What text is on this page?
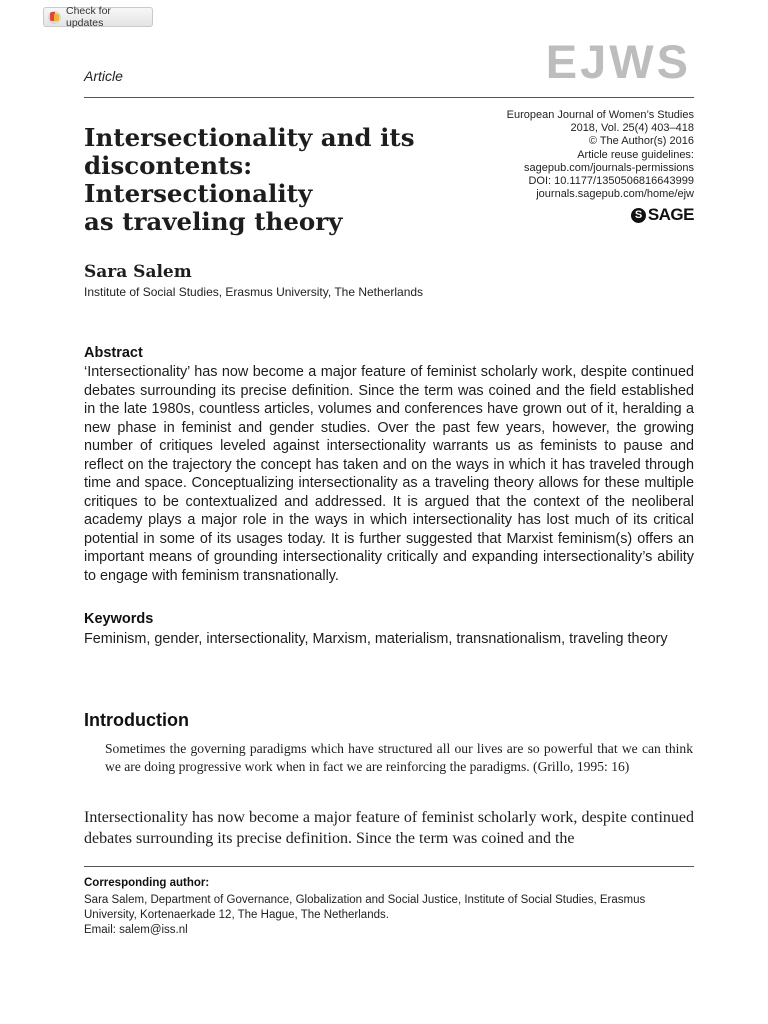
Check for updates
Article	EJWS
Intersectionality and its
discontents: Intersectionality
as traveling theory
European Journal of Women’s Studies
2018, Vol. 25(4) 403–418
© The Author(s) 2016
Article reuse guidelines:
sagepub.com/journals-permissions
DOI: 10.1177/1350506816643999
journals.sagepub.com/home/ejw
S SAGE
Sara Salem
Institute of Social Studies, Erasmus University, The Netherlands
Abstract

‘Intersectionality’ has now become a major feature of feminist scholarly work, despite continued debates surrounding its precise definition. Since the term was coined and the field established in the late 1980s, countless articles, volumes and conferences have grown out of it, heralding a new phase in feminist and gender studies. Over the past few years, however, the growing number of critiques leveled against intersectionality warrants us as feminists to pause and reflect on the trajectory the concept has taken and on the ways in which it has traveled through time and space. Conceptualizing intersectionality as a traveling theory allows for these multiple critiques to be contextualized and addressed. It is argued that the context of the neoliberal academy plays a major role in the ways in which intersectionality has lost much of its critical potential in some of its usages today. It is further suggested that Marxist feminism(s) offers an important means of grounding intersectionality critically and expanding intersectionality’s ability to engage with feminism transnationally.

Keywords

Feminism, gender, intersectionality, Marxism, materialism, transnationalism, traveling theory

Introduction

Sometimes the governing paradigms which have structured all our lives are so powerful that we can think we are doing progressive work when in fact we are reinforcing the paradigms. (Grillo, 1995: 16)

Intersectionality has now become a major feature of feminist scholarly work, despite continued debates surrounding its precise definition. Since the term was coined and the

Corresponding author:
Sara Salem, Department of Governance, Globalization and Social Justice, Institute of Social Studies, Erasmus University, Kortenaerkade 12, The Hague, The Netherlands.
Email: salem@iss.nl
